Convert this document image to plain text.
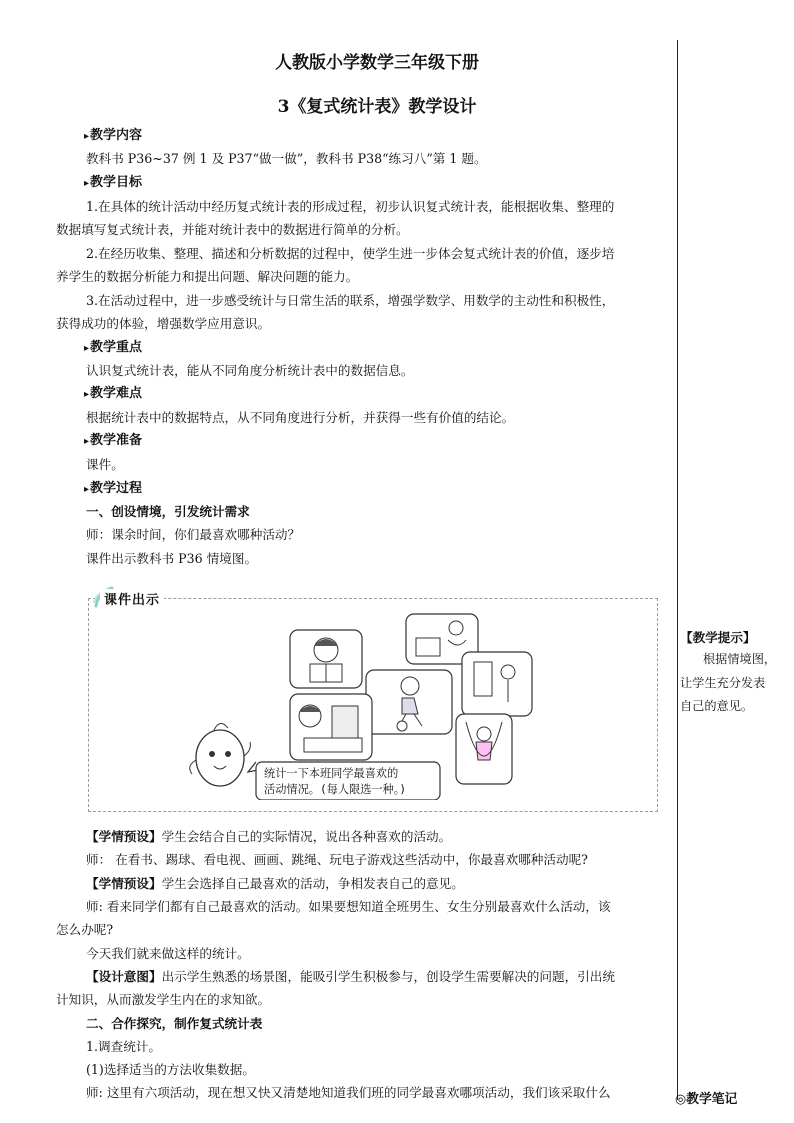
人教版小学数学三年级下册
3《复式统计表》教学设计
▸ 教学内容
教科书 P36~37 例 1 及 P37“做一做”，教科书 P38“练习八”第 1 题。
▸ 教学目标
1.在具体的统计活动中经历复式统计表的形成过程，初步认识复式统计表，能根据收集、整理的
数据填写复式统计表，并能对统计表中的数据进行简单的分析。
2.在经历收集、整理、描述和分析数据的过程中，使学生进一步体会复式统计表的价值，逐步培
养学生的数据分析能力和提出问题、解决问题的能力。
3.在活动过程中，进一步感受统计与日常生活的联系，增强学数学、用数学的主动性和积极性，
获得成功的体验，增强数学应用意识。
▸ 教学重点
认识复式统计表，能从不同角度分析统计表中的数据信息。
▸ 教学难点
根据统计表中的数据特点，从不同角度进行分析，并获得一些有价值的结论。
▸ 教学准备
课件。
▸ 教学过程
一、创设情境，引发统计需求
师：课余时间，你们最喜欢哪种活动？
课件出示教科书 P36 情境图。
【学情预设】学生会结合自己的实际情况，说出各种喜欢的活动。
师： 在看书、踢球、看电视、画画、跳绳、玩电子游戏这些活动中，你最喜欢哪种活动呢?
【学情预设】学生会选择自己最喜欢的活动，争相发表自己的意见。
师: 看来同学们都有自己最喜欢的活动。如果要想知道全班男生、女生分别最喜欢什么活动，该
怎么办呢?
今天我们就来做这样的统计。
【设计意图】出示学生熟悉的场景图，能吸引学生积极参与，创设学生需要解决的问题，引出统
计知识，从而激发学生内在的求知欲。
二、合作探究，制作复式统计表
1.调查统计。
(1)选择适当的方法收集数据。
师: 这里有六项活动，现在想又快又清楚地知道我们班的同学最喜欢哪项活动，我们该采取什么
课件出示
统计一下本班同学最喜欢的
活动情况。(每人限选一种。)
【教学提示】
根据情境图，
让学生充分发表
自己的意见。
◎教学笔记
